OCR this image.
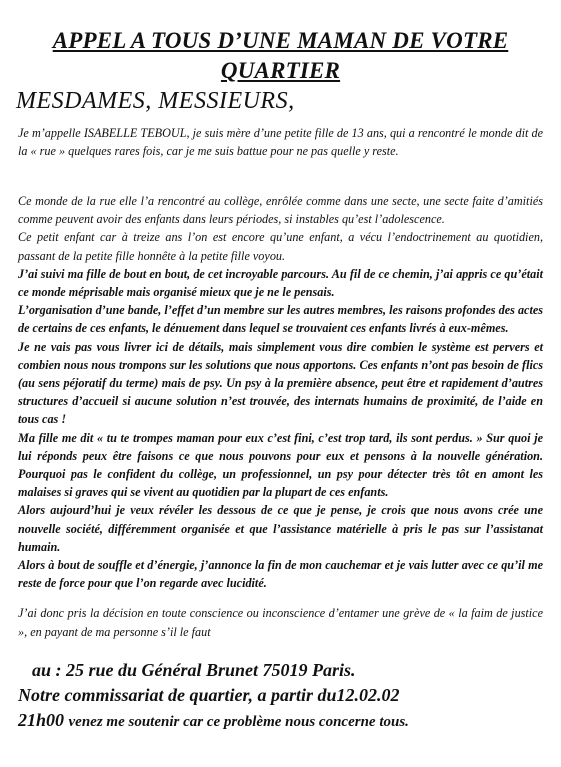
APPEL A TOUS D’UNE MAMAN DE VOTRE
QUARTIER
MESDAMES, MESSIEURS,
Je m’appelle ISABELLE TEBOUL, je suis mère d’une petite fille de 13 ans, qui a rencontré le monde dit de la « rue » quelques rares fois, car je me suis battue pour ne pas quelle y reste.
Ce monde de la rue elle l’a rencontré au collège, enrôlée comme dans une secte, une secte faite d’amitiés comme peuvent avoir des enfants dans leurs périodes, si instables qu’est l’adolescence.
Ce petit enfant car à treize ans l’on est encore qu’une enfant, a vécu l’endoctrinement au quotidien, passant de la petite fille honnête à la petite fille voyou.
J’ai suivi ma fille de bout en bout, de cet incroyable parcours. Au fil de ce chemin, j’ai appris ce qu’était ce monde méprisable mais organisé mieux que je ne le pensais.
L’organisation d’une bande, l’effet d’un membre sur les autres membres, les raisons profondes des actes de certains de ces enfants, le dénuement dans lequel se trouvaient ces enfants livrés à eux-mêmes.
Je ne vais pas vous livrer ici de détails, mais simplement vous dire combien le système est pervers et combien nous nous trompons sur les solutions que nous apportons. Ces enfants n’ont pas besoin de flics (au sens péjoratif du terme) mais de psy. Un psy à la première absence, peut être et rapidement d’autres structures d’accueil si aucune solution n’est trouvée, des internats humains de proximité, de l’aide en tous cas !
Ma fille me dit « tu te trompes maman pour eux c’est fini, c’est trop tard, ils sont perdus. » Sur quoi je lui réponds peux être faisons ce que nous pouvons pour eux et pensons à la nouvelle génération. Pourquoi pas le confident du collège, un professionnel, un psy pour détecter très tôt en amont les malaises si graves qui se vivent au quotidien par la plupart de ces enfants.
Alors aujourd’hui je veux révéler les dessous de ce que je pense, je crois que nous avons crée une nouvelle société, différemment organisée et que l’assistance matérielle à pris le pas sur l’assistanat humain.
Alors à bout de souffle et d’énergie, j’annonce la fin de mon cauchemar et je vais lutter avec ce qu’il me reste de force pour que l’on regarde avec lucidité.
J’ai donc pris la décision en toute conscience ou inconscience d’entamer une grève de « la faim de justice », en payant de ma personne s’il le faut
au : 25 rue du Général Brunet 75019 Paris.
Notre commissariat de quartier, a partir du12.02.02
21h00 venez me soutenir car ce problème nous concerne tous.
